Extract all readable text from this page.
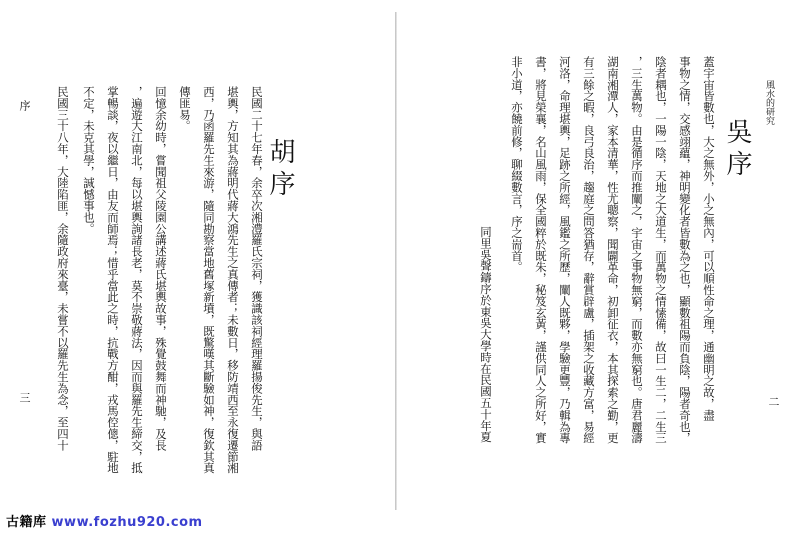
序
三 民國三十八年，大陸陷匪，余隨政府來臺，未嘗不以羅先生為念，至四十 不定，未克其學，誠憾事也。 掌暢談，夜以繼日，由友而師焉；惜乎當此之時，抗戰方酣，戎馬倥傯，駐地 ，遍遊大江南北，每以堪輿詢諸長老，莫不崇敬蔣法，因而與羅先生締交，抵 回憶余幼時，嘗聞祖父陵園公講述蔣氏堪輿故事，殊覺鼓舞而神馳，及長 傳匪易。 西，乃函羅先生來游，隨同勘察當地舊塚新墳，既驚嘆其斷驗如神，復欽其真 堪輿，方知其為蔣明代蔣大鴻先生之真傳者；未數日，移防靖西至永復遷節湘 民國二十七年春，余卒次湘澧羅氏宗祠，獲識該祠經理羅揚俊先生，與語 胡序
同里吳聲鑄序於東吳大學時在民國五十年夏
非小道，亦饒前修，聊綴數言，序之耑首。 書，將見榮襄，名山風雨，保全國粹於既朱，秘笈玄黃，謹供同人之所好，實 河洛，命理堪輿，足跡之所經，風鑑之所歷，闡人既夥，學驗更豐，乃輯為專 有三餘之暇，良弓良治，趨庭之問答猶存，辭賞辟盧，插架之收藏方富，易經 湖南湘潭人，家本清華，性尤聰察，聞闢革命，初卸征衣，本其探索之勤，更 ，三生萬物。由是循序而推闡之，宇宙之事物無窮，而數亦無窮也。唐君麗濤 陰者耦也，一陽一陰，天地之大道生，而萬物之情愫備，故曰一生二，二生三 事物之情，交感翊蘊，神明變化者皆數為之也，顯數祖陽而負陰，陽者奇也， 蓋宇宙皆數也，大之無外，小之無內，可以順性命之理，通幽明之故，盡 吳序
風水的研究
二
古籍库 www.fozhu920.com
